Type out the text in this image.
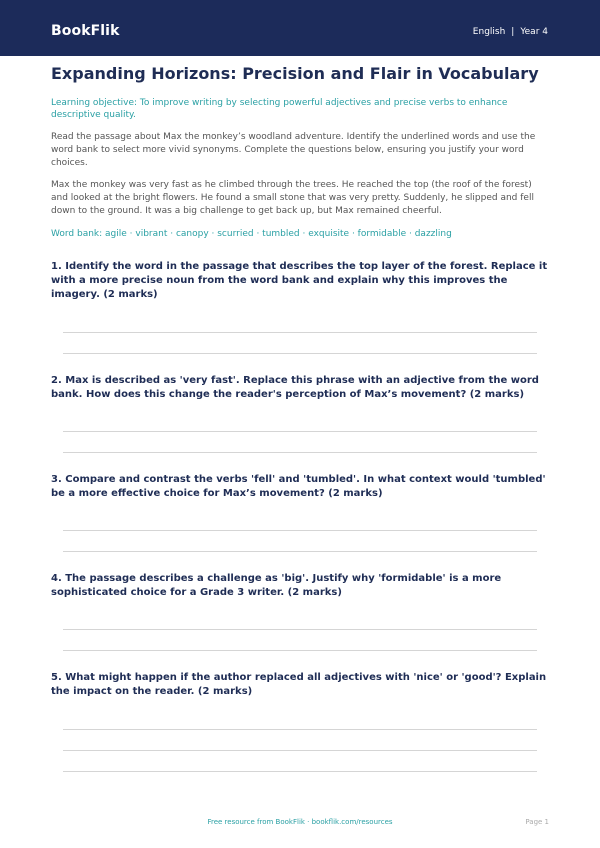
BookFlik	English | Year 4
Expanding Horizons: Precision and Flair in Vocabulary
Learning objective: To improve writing by selecting powerful adjectives and precise verbs to enhance descriptive quality.
Read the passage about Max the monkey’s woodland adventure. Identify the underlined words and use the word bank to select more vivid synonyms. Complete the questions below, ensuring you justify your word choices.
Max the monkey was very fast as he climbed through the trees. He reached the top (the roof of the forest) and looked at the bright flowers. He found a small stone that was very pretty. Suddenly, he slipped and fell down to the ground. It was a big challenge to get back up, but Max remained cheerful.
Word bank: agile · vibrant · canopy · scurried · tumbled · exquisite · formidable · dazzling
1. Identify the word in the passage that describes the top layer of the forest. Replace it with a more precise noun from the word bank and explain why this improves the imagery. (2 marks)
2. Max is described as 'very fast'. Replace this phrase with an adjective from the word bank. How does this change the reader's perception of Max’s movement? (2 marks)
3. Compare and contrast the verbs 'fell' and 'tumbled'. In what context would 'tumbled' be a more effective choice for Max’s movement? (2 marks)
4. The passage describes a challenge as 'big'. Justify why 'formidable' is a more sophisticated choice for a Grade 3 writer. (2 marks)
5. What might happen if the author replaced all adjectives with 'nice' or 'good'? Explain the impact on the reader. (2 marks)
Free resource from BookFlik · bookflik.com/resources	Page 1
